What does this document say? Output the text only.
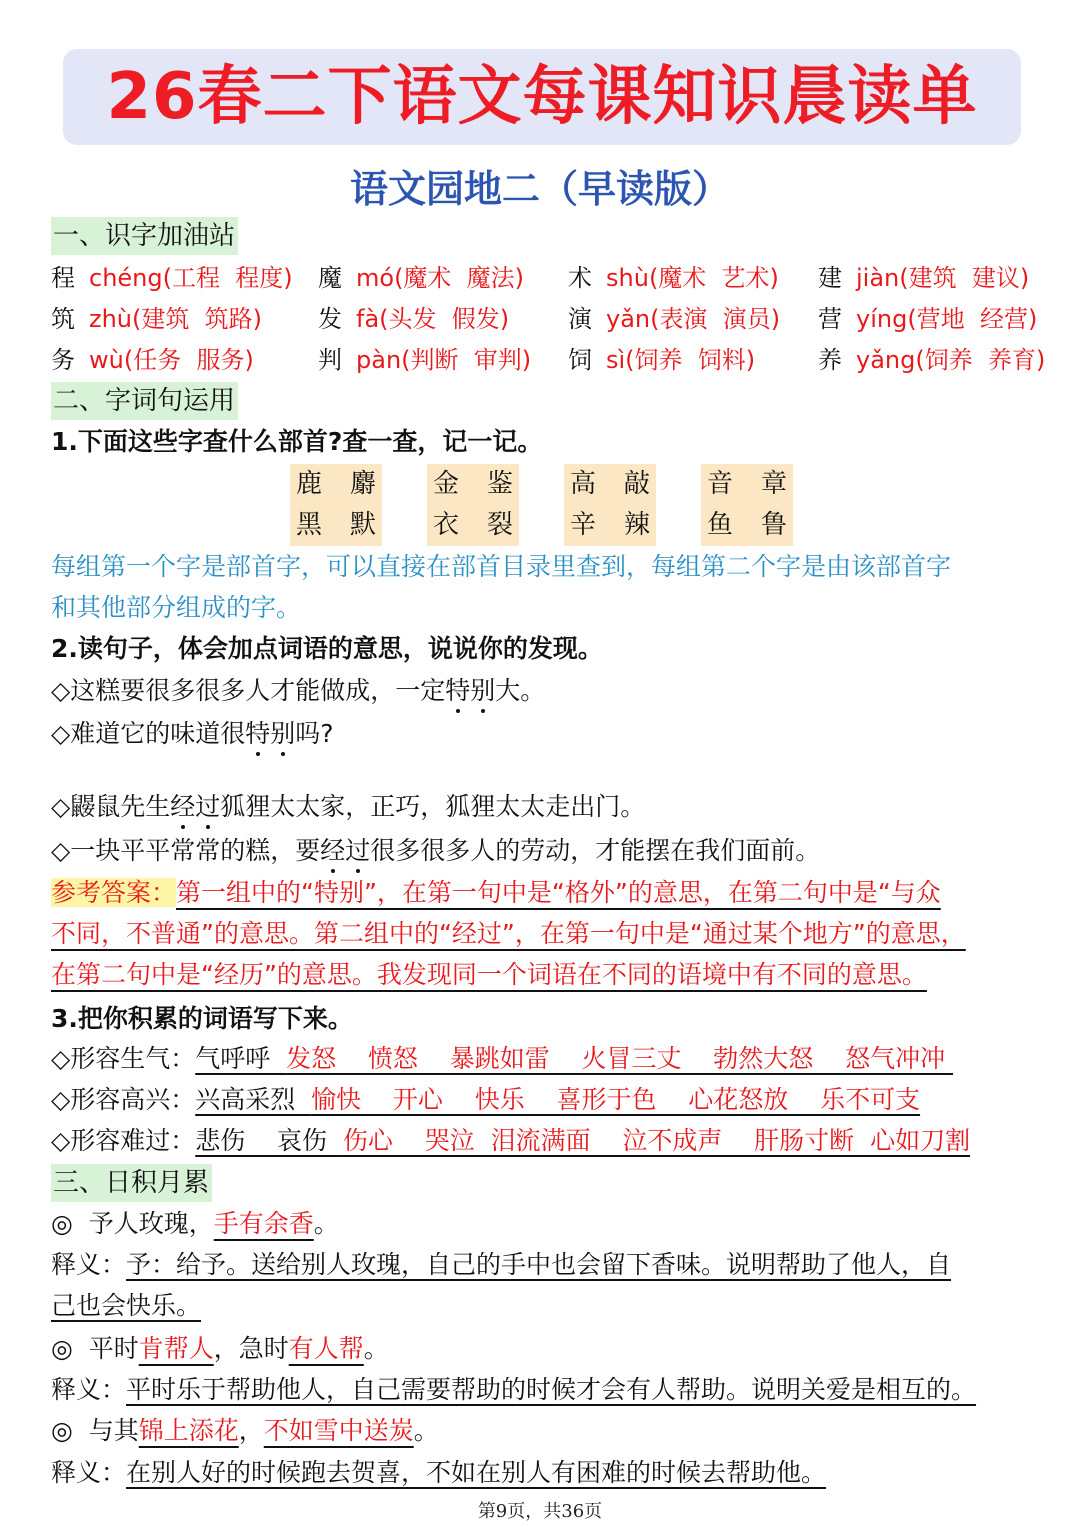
26春二下语文每课知识晨读单
语文园地二（早读版）
一、识字加油站
程 chéng(工程  程度) 魔 mó(魔术  魔法) 术 shù(魔术  艺术) 建 jiàn(建筑  建议)
筑 zhù(建筑  筑路) 发 fà(头发  假发) 演 yǎn(表演  演员) 营 yíng(营地  经营)
务 wù(任务  服务)	判 pàn(判断  审判) 饲 sì(饲养  饲料)	养 yǎng(饲养  养育)
二、字词句运用
1.下面这些字查什么部首?查一查，记一记。
鹿 麝
黑 默
金 鉴
衣 裂
高 敲
辛 辣
音 章
鱼 鲁
每组第一个字是部首字，可以直接在部首目录里查到，每组第二个字是由该部首字
和其他部分组成的字。
2.读句子，体会加点词语的意思，说说你的发现。
◇这糕要很多很多人才能做成，一定特别大。
◇难道它的味道很特别吗?
◇鼹鼠先生经过狐狸太太家，正巧，狐狸太太走出门。
◇一块平平常常的糕，要经过很多很多人的劳动，才能摆在我们面前。
参考答案：第一组中的“特别”，在第一句中是“格外”的意思，在第二句中是“与众
不同，不普通”的意思。第二组中的“经过”，在第一句中是“通过某个地方”的意思，
在第二句中是“经历”的意思。我发现同一个词语在不同的语境中有不同的意思。
3.把你积累的词语写下来。
◇形容生气：气呼呼  发怒    愤怒    暴跳如雷    火冒三丈    勃然大怒    怒气冲冲
◇形容高兴：兴高采烈  愉快    开心    快乐    喜形于色    心花怒放    乐不可支
◇形容难过：悲伤    哀伤  伤心    哭泣  泪流满面    泣不成声    肝肠寸断  心如刀割
三、日积月累
◎  予人玫瑰，手有余香。
释义：予：给予。送给别人玫瑰，自己的手中也会留下香味。说明帮助了他人，自
己也会快乐。
◎  平时肯帮人，急时有人帮。
释义：平时乐于帮助他人，自己需要帮助的时候才会有人帮助。说明关爱是相互的。
◎  与其锦上添花，不如雪中送炭。
释义：在别人好的时候跑去贺喜，不如在别人有困难的时候去帮助他。
第9页，共36页
